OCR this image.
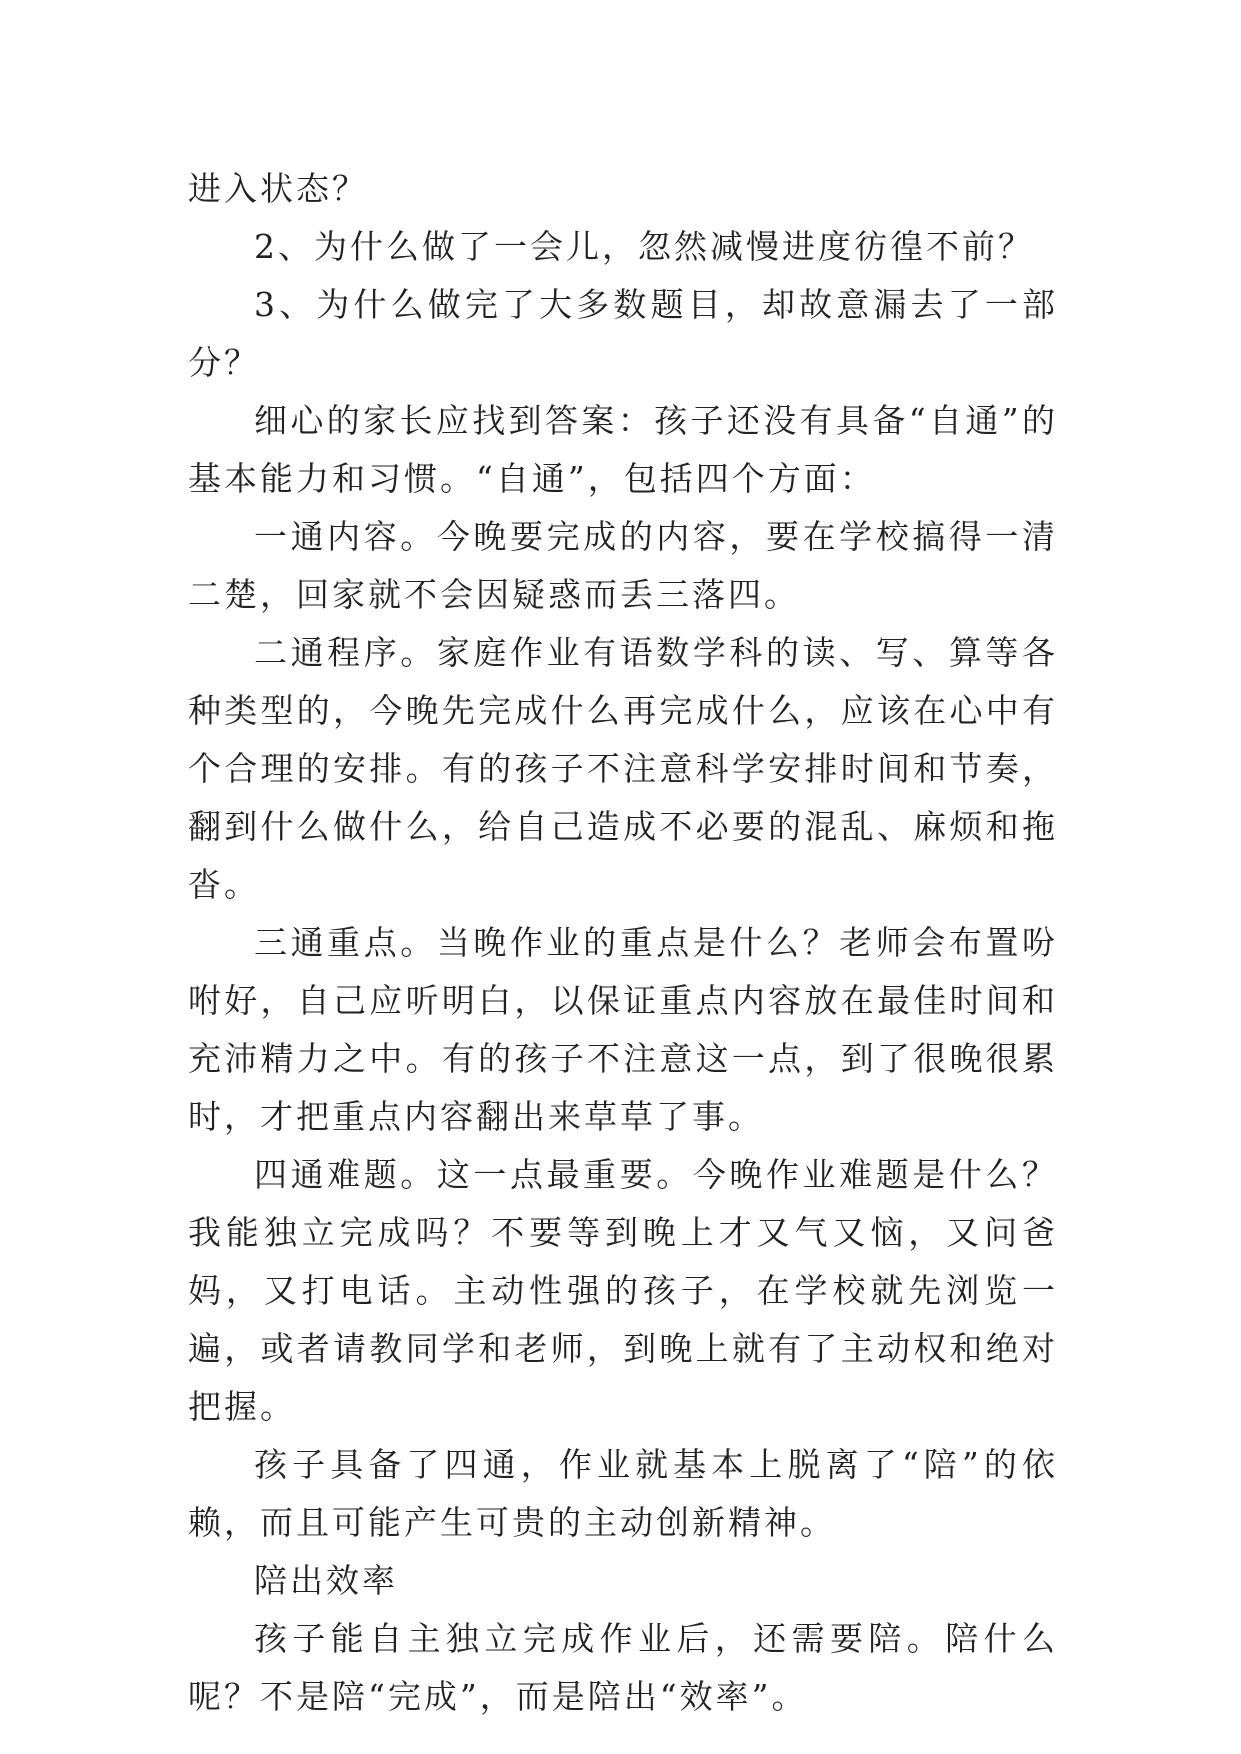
进入状态？

2、为什么做了一会儿，忽然减慢进度彷徨不前？

3、为什么做完了大多数题目，却故意漏去了一部分？

细心的家长应找到答案：孩子还没有具备“自通”的基本能力和习惯。“自通”，包括四个方面：

一通内容。今晚要完成的内容，要在学校搞得一清二楚，回家就不会因疑惑而丢三落四。

二通程序。家庭作业有语数学科的读、写、算等各种类型的，今晚先完成什么再完成什么，应该在心中有个合理的安排。有的孩子不注意科学安排时间和节奏，翻到什么做什么，给自己造成不必要的混乱、麻烦和拖沓。

三通重点。当晚作业的重点是什么？老师会布置吩咐好，自己应听明白，以保证重点内容放在最佳时间和充沛精力之中。有的孩子不注意这一点，到了很晚很累时，才把重点内容翻出来草草了事。

四通难题。这一点最重要。今晚作业难题是什么？我能独立完成吗？不要等到晚上才又气又恼，又问爸妈，又打电话。主动性强的孩子，在学校就先浏览一遍，或者请教同学和老师，到晚上就有了主动权和绝对把握。

孩子具备了四通，作业就基本上脱离了“陪”的依赖，而且可能产生可贵的主动创新精神。

陪出效率

孩子能自主独立完成作业后，还需要陪。陪什么呢？不是陪“完成”，而是陪出“效率”。
